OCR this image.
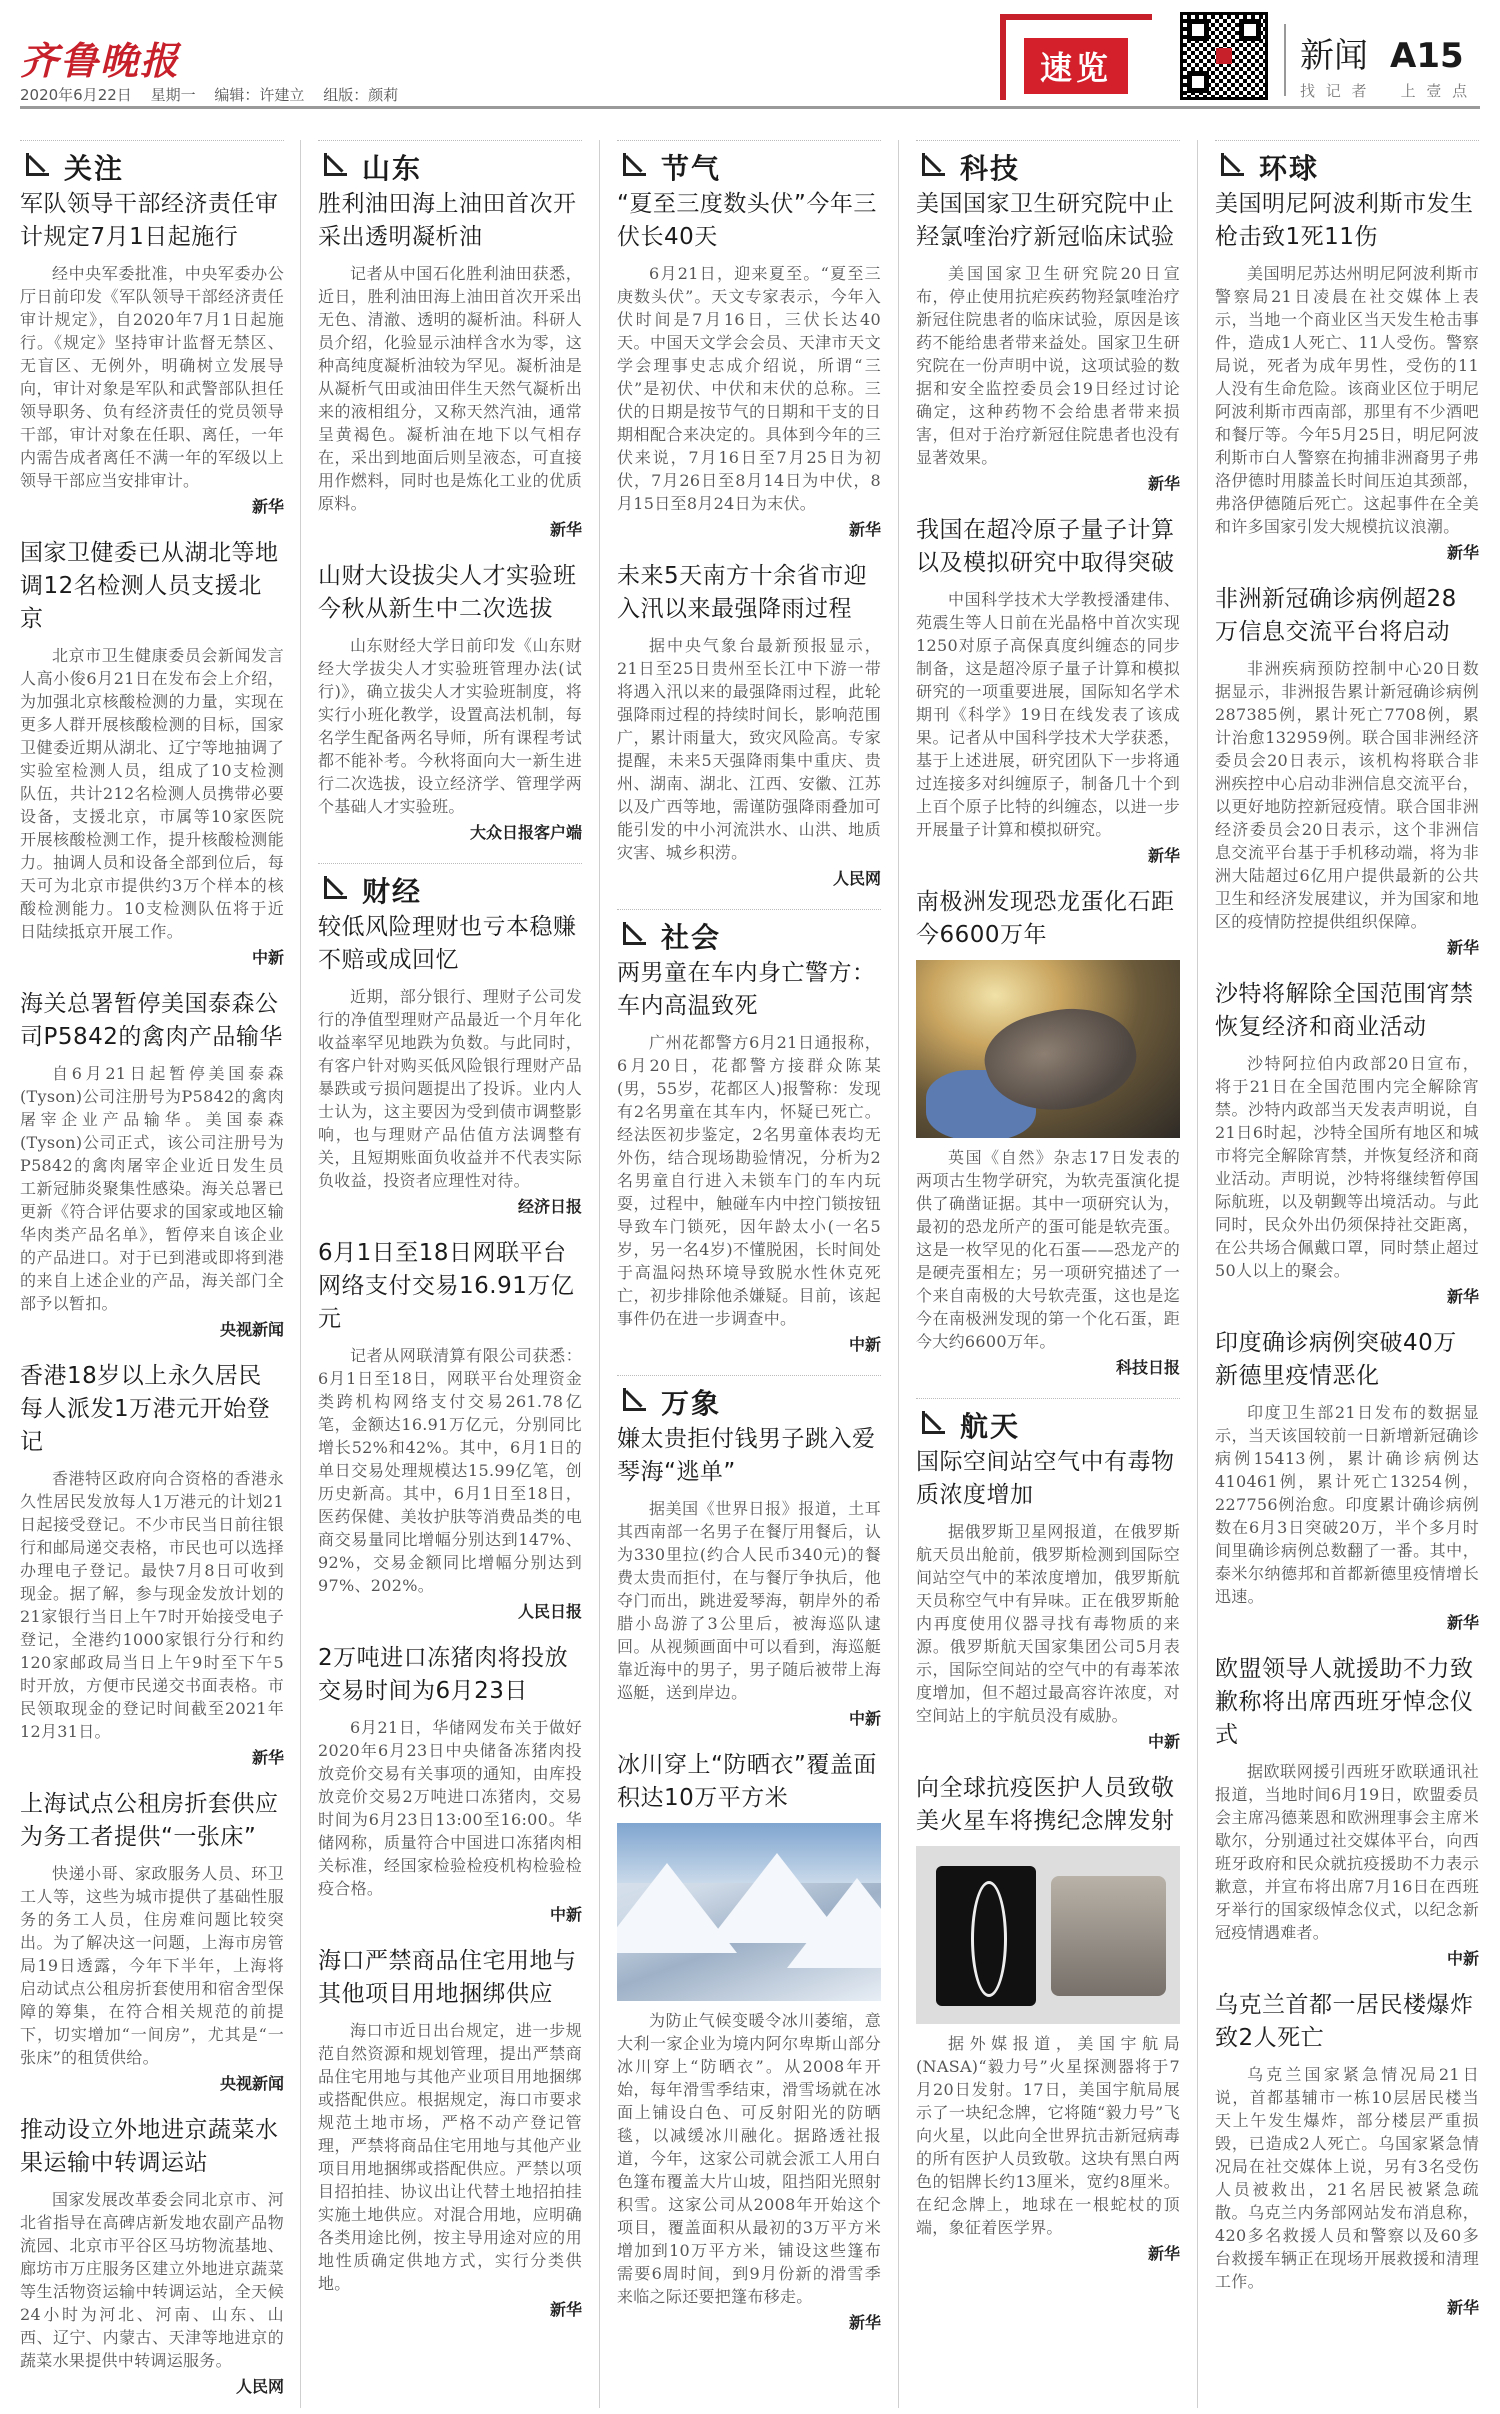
齐鲁晚报
2020年6月22日 星期一 编辑：许建立 组版：颜莉
速览	新闻 A15
找 记 者 上 壹 点
关注
军队领导干部经济责任审计规定7月1日起施行
经中央军委批准，中央军委办公厅日前印发《军队领导干部经济责任审计规定》，自2020年7月1日起施行。《规定》坚持审计监督无禁区、无盲区、无例外，明确树立发展导向，审计对象是军队和武警部队担任领导职务、负有经济责任的党员领导干部，审计对象在任职、离任，一年内需告成者离任不满一年的军级以上领导干部应当安排审计。
新华
国家卫健委已从湖北等地调12名检测人员支援北京
北京市卫生健康委员会新闻发言人高小俊6月21日在发布会上介绍，为加强北京核酸检测的力量，实现在更多人群开展核酸检测的目标，国家卫健委近期从湖北、辽宁等地抽调了实验室检测人员，组成了10支检测队伍，共计212名检测人员携带必要设备，支援北京，市属等10家医院开展核酸检测工作，提升核酸检测能力。抽调人员和设备全部到位后，每天可为北京市提供约3万个样本的核酸检测能力。10支检测队伍将于近日陆续抵京开展工作。
中新
海关总署暂停美国泰森公司P5842的禽肉产品输华
自6月21日起暂停美国泰森(Tyson)公司注册号为P5842的禽肉屠宰企业产品输华。美国泰森(Tyson)公司正式，该公司注册号为P5842的禽肉屠宰企业近日发生员工新冠肺炎聚集性感染。海关总署已更新《符合评估要求的国家或地区输华肉类产品名单》，暂停来自该企业的产品进口。对于已到港或即将到港的来自上述企业的产品，海关部门全部予以暂扣。
央视新闻
香港18岁以上永久居民每人派发1万港元开始登记
香港特区政府向合资格的香港永久性居民发放每人1万港元的计划21日起接受登记。不少市民当日前往银行和邮局递交表格，市民也可以选择办理电子登记。最快7月8日可收到现金。据了解，参与现金发放计划的21家银行当日上午7时开始接受电子登记，全港约1000家银行分行和约120家邮政局当日上午9时至下午5时开放，方便市民递交书面表格。市民领取现金的登记时间截至2021年12月31日。
新华
上海试点公租房折套供应为务工者提供“一张床”
快递小哥、家政服务人员、环卫工人等，这些为城市提供了基础性服务的务工人员，住房难问题比较突出。为了解决这一问题，上海市房管局19日透露，今年下半年，上海将启动试点公租房折套使用和宿舍型保障的筹集，在符合相关规范的前提下，切实增加“一间房”，尤其是“一张床”的租赁供给。
央视新闻
推动设立外地进京蔬菜水果运输中转调运站
国家发展改革委会同北京市、河北省指导在高碑店新发地农副产品物流园、北京市平谷区马坊物流基地、廊坊市万庄服务区建立外地进京蔬菜等生活物资运输中转调运站，全天候24小时为河北、河南、山东、山西、辽宁、内蒙古、天津等地进京的蔬菜水果提供中转调运服务。
人民网
山东
胜利油田海上油田首次开采出透明凝析油
记者从中国石化胜利油田获悉，近日，胜利油田海上油田首次开采出无色、清澈、透明的凝析油。科研人员介绍，化验显示油样含水为零，这种高纯度凝析油较为罕见。凝析油是从凝析气田或油田伴生天然气凝析出来的液相组分，又称天然汽油，通常呈黄褐色。凝析油在地下以气相存在，采出到地面后则呈液态，可直接用作燃料，同时也是炼化工业的优质原料。
新华
山财大设拔尖人才实验班今秋从新生中二次选拔
山东财经大学日前印发《山东财经大学拔尖人才实验班管理办法(试行)》，确立拔尖人才实验班制度，将实行小班化教学，设置高法机制，每名学生配备两名导师，所有课程考试都不能补考。今秋将面向大一新生进行二次选拔，设立经济学、管理学两个基础人才实验班。
大众日报客户端
财经
较低风险理财也亏本稳赚不赔或成回忆
近期，部分银行、理财子公司发行的净值型理财产品最近一个月年化收益率罕见地跌为负数。与此同时，有客户针对购买低风险银行理财产品暴跌或亏损问题提出了投诉。业内人士认为，这主要因为受到债市调整影响，也与理财产品估值方法调整有关，且短期账面负收益并不代表实际负收益，投资者应理性对待。
经济日报
6月1日至18日网联平台网络支付交易16.91万亿元
记者从网联清算有限公司获悉：6月1日至18日，网联平台处理资金类跨机构网络支付交易261.78亿笔，金额达16.91万亿元，分别同比增长52%和42%。其中，6月1日的单日交易处理规模达15.99亿笔，创历史新高。其中，6月1日至18日，医药保健、美妆护肤等消费品类的电商交易量同比增幅分别达到147%、92%，交易金额同比增幅分别达到97%、202%。
人民日报
2万吨进口冻猪肉将投放交易时间为6月23日
6月21日，华储网发布关于做好2020年6月23日中央储备冻猪肉投放竞价交易有关事项的通知，由库投放竞价交易2万吨进口冻猪肉，交易时间为6月23日13:00至16:00。华储网称，质量符合中国进口冻猪肉相关标准，经国家检验检疫机构检验检疫合格。
中新
海口严禁商品住宅用地与其他项目用地捆绑供应
海口市近日出台规定，进一步规范自然资源和规划管理，提出严禁商品住宅用地与其他产业项目用地捆绑或搭配供应。根据规定，海口市要求规范土地市场，严格不动产登记管理，严禁将商品住宅用地与其他产业项目用地捆绑或搭配供应。严禁以项目招拍挂、协议出让代替土地招拍挂实施土地供应。对混合用地，应明确各类用途比例，按主导用途对应的用地性质确定供地方式，实行分类供地。
新华
节气
“夏至三度数头伏”今年三伏长40天
6月21日，迎来夏至。“夏至三庚数头伏”。天文专家表示，今年入伏时间是7月16日，三伏长达40天。中国天文学会会员、天津市天文学会理事史志成介绍说，所谓“三伏”是初伏、中伏和末伏的总称。三伏的日期是按节气的日期和干支的日期相配合来决定的。具体到今年的三伏来说，7月16日至7月25日为初伏，7月26日至8月14日为中伏，8月15日至8月24日为末伏。
新华
未来5天南方十余省市迎入汛以来最强降雨过程
据中央气象台最新预报显示，21日至25日贵州至长江中下游一带将遇入汛以来的最强降雨过程，此轮强降雨过程的持续时间长，影响范围广，累计雨量大，致灾风险高。专家提醒，未来5天强降雨集中重庆、贵州、湖南、湖北、江西、安徽、江苏以及广西等地，需谨防强降雨叠加可能引发的中小河流洪水、山洪、地质灾害、城乡积涝。
人民网
社会
两男童在车内身亡警方：车内高温致死
广州花都警方6月21日通报称，6月20日，花都警方接群众陈某(男，55岁，花都区人)报警称：发现有2名男童在其车内，怀疑已死亡。经法医初步鉴定，2名男童体表均无外伤，结合现场勘验情况，分析为2名男童自行进入未锁车门的车内玩耍，过程中，触碰车内中控门锁按钮导致车门锁死，因年龄太小(一名5岁，另一名4岁)不懂脱困，长时间处于高温闷热环境导致脱水性休克死亡，初步排除他杀嫌疑。目前，该起事件仍在进一步调查中。
中新
万象
嫌太贵拒付钱男子跳入爱琴海“逃单”
据美国《世界日报》报道，土耳其西南部一名男子在餐厅用餐后，认为330里拉(约合人民币340元)的餐费太贵而拒付，在与餐厅争执后，他夺门而出，跳进爱琴海，朝岸外的希腊小岛游了3公里后，被海巡队逮回。从视频画面中可以看到，海巡艇靠近海中的男子，男子随后被带上海巡艇，送到岸边。
中新
冰川穿上“防晒衣”覆盖面积达10万平方米
为防止气候变暖令冰川萎缩，意大利一家企业为境内阿尔卑斯山部分冰川穿上“防晒衣”。从2008年开始，每年滑雪季结束，滑雪场就在冰面上铺设白色、可反射阳光的防晒毯，以减缓冰川融化。据路透社报道，今年，这家公司就会派工人用白色篷布覆盖大片山坡，阻挡阳光照射积雪。这家公司从2008年开始这个项目，覆盖面积从最初的3万平方米增加到10万平方米，铺设这些篷布需要6周时间，到9月份新的滑雪季来临之际还要把篷布移走。
新华
科技
美国国家卫生研究院中止羟氯喹治疗新冠临床试验
美国国家卫生研究院20日宣布，停止使用抗疟疾药物羟氯喹治疗新冠住院患者的临床试验，原因是该药不能给患者带来益处。国家卫生研究院在一份声明中说，这项试验的数据和安全监控委员会19日经过讨论确定，这种药物不会给患者带来损害，但对于治疗新冠住院患者也没有显著效果。
新华
我国在超冷原子量子计算以及模拟研究中取得突破
中国科学技术大学教授潘建伟、苑震生等人日前在光晶格中首次实现1250对原子高保真度纠缠态的同步制备，这是超冷原子量子计算和模拟研究的一项重要进展，国际知名学术期刊《科学》19日在线发表了该成果。记者从中国科学技术大学获悉，基于上述进展，研究团队下一步将通过连接多对纠缠原子，制备几十个到上百个原子比特的纠缠态，以进一步开展量子计算和模拟研究。
新华
南极洲发现恐龙蛋化石距今6600万年
英国《自然》杂志17日发表的两项古生物学研究，为软壳蛋演化提供了确凿证据。其中一项研究认为，最初的恐龙所产的蛋可能是软壳蛋。这是一枚罕见的化石蛋——恐龙产的是硬壳蛋相左；另一项研究描述了一个来自南极的大号软壳蛋，这也是迄今在南极洲发现的第一个化石蛋，距今大约6600万年。
科技日报
航天
国际空间站空气中有毒物质浓度增加
据俄罗斯卫星网报道，在俄罗斯航天员出舱前，俄罗斯检测到国际空间站空气中的苯浓度增加，俄罗斯航天员称空气中有异味。正在俄罗斯舱内再度使用仪器寻找有毒物质的来源。俄罗斯航天国家集团公司5月表示，国际空间站的空气中的有毒苯浓度增加，但不超过最高容许浓度，对空间站上的宇航员没有威胁。
中新
向全球抗疫医护人员致敬美火星车将携纪念牌发射
据外媒报道，美国宇航局(NASA)“毅力号”火星探测器将于7月20日发射。17日，美国宇航局展示了一块纪念牌，它将随“毅力号”飞向火星，以此向全世界抗击新冠病毒的所有医护人员致敬。这块有黑白两色的铝牌长约13厘米，宽约8厘米。在纪念牌上，地球在一根蛇杖的顶端，象征着医学界。
新华
环球
美国明尼阿波利斯市发生枪击致1死11伤
美国明尼苏达州明尼阿波利斯市警察局21日凌晨在社交媒体上表示，当地一个商业区当天发生枪击事件，造成1人死亡、11人受伤。警察局说，死者为成年男性，受伤的11人没有生命危险。该商业区位于明尼阿波利斯市西南部，那里有不少酒吧和餐厅等。今年5月25日，明尼阿波利斯市白人警察在拘捕非洲裔男子弗洛伊德时用膝盖长时间压迫其颈部，弗洛伊德随后死亡。这起事件在全美和许多国家引发大规模抗议浪潮。
新华
非洲新冠确诊病例超28万信息交流平台将启动
非洲疾病预防控制中心20日数据显示，非洲报告累计新冠确诊病例287385例，累计死亡7708例，累计治愈132959例。联合国非洲经济委员会20日表示，该机构将联合非洲疾控中心启动非洲信息交流平台，以更好地防控新冠疫情。联合国非洲经济委员会20日表示，这个非洲信息交流平台基于手机移动端，将为非洲大陆超过6亿用户提供最新的公共卫生和经济发展建议，并为国家和地区的疫情防控提供组织保障。
新华
沙特将解除全国范围宵禁恢复经济和商业活动
沙特阿拉伯内政部20日宣布，将于21日在全国范围内完全解除宵禁。沙特内政部当天发表声明说，自21日6时起，沙特全国所有地区和城市将完全解除宵禁，并恢复经济和商业活动。声明说，沙特将继续暂停国际航班，以及朝觐等出境活动。与此同时，民众外出仍须保持社交距离，在公共场合佩戴口罩，同时禁止超过50人以上的聚会。
新华
印度确诊病例突破40万新德里疫情恶化
印度卫生部21日发布的数据显示，当天该国较前一日新增新冠确诊病例15413例，累计确诊病例达410461例，累计死亡13254例，227756例治愈。印度累计确诊病例数在6月3日突破20万，半个多月时间里确诊病例总数翻了一番。其中，泰米尔纳德邦和首都新德里疫情增长迅速。
新华
欧盟领导人就援助不力致歉称将出席西班牙悼念仪式
据欧联网援引西班牙欧联通讯社报道，当地时间6月19日，欧盟委员会主席冯德莱恩和欧洲理事会主席米歇尔，分别通过社交媒体平台，向西班牙政府和民众就抗疫援助不力表示歉意，并宣布将出席7月16日在西班牙举行的国家级悼念仪式，以纪念新冠疫情遇难者。
中新
乌克兰首都一居民楼爆炸致2人死亡
乌克兰国家紧急情况局21日说，首都基辅市一栋10层居民楼当天上午发生爆炸，部分楼层严重损毁，已造成2人死亡。乌国家紧急情况局在社交媒体上说，另有3名受伤人员被救出，21名居民被紧急疏散。乌克兰内务部网站发布消息称，420多名救援人员和警察以及60多台救援车辆正在现场开展救援和清理工作。
新华
